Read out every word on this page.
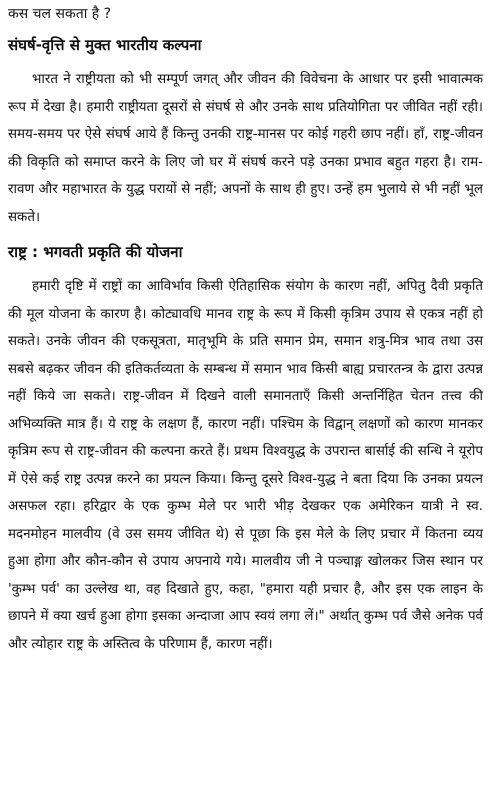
कस चल सकता है ?
संघर्ष-वृत्ति से मुक्त भारतीय कल्पना

भारत ने राष्ट्रीयता को भी सम्पूर्ण जगत् और जीवन की विवेचना के आधार पर इसी भावात्मक रूप में देखा है। हमारी राष्ट्रीयता दूसरों से संघर्ष से और उनके साथ प्रतियोगिता पर जीवित नहीं रही। समय-समय पर ऐसे संघर्ष आये हैं किन्तु उनकी राष्ट्र-मानस पर कोई गहरी छाप नहीं। हाँ, राष्ट्र-जीवन की विकृति को समाप्त करने के लिए जो घर में संघर्ष करने पड़े उनका प्रभाव बहुत गहरा है। राम-रावण और महाभारत के युद्ध परायों से नहीं; अपनों के साथ ही हुए। उन्हें हम भुलाये से भी नहीं भूल सकते।

राष्ट्र : भगवती प्रकृति की योजना

हमारी दृष्टि में राष्ट्रों का आविर्भाव किसी ऐतिहासिक संयोग के कारण नहीं, अपितु दैवी प्रकृति की मूल योजना के कारण है। कोट्यावधि मानव राष्ट्र के रूप में किसी कृत्रिम उपाय से एकत्र नहीं हो सकते। उनके जीवन की एकसूत्रता, मातृभूमि के प्रति समान प्रेम, समान शत्रु-मित्र भाव तथा उस सबसे बढ़कर जीवन की इतिकर्तव्यता के सम्बन्ध में समान भाव किसी बाह्य प्रचारतन्त्र के द्वारा उत्पन्न नहीं किये जा सकते। राष्ट्र-जीवन में दिखने वाली समानताएँ किसी अन्तर्निहित चेतन तत्त्व की अभिव्यक्ति मात्र हैं। ये राष्ट्र के लक्षण हैं, कारण नहीं। पश्चिम के विद्वान् लक्षणों को कारण मानकर कृत्रिम रूप से राष्ट्र-जीवन की कल्पना करते हैं। प्रथम विश्वयुद्ध के उपरान्त बार्साई की सन्धि ने यूरोप में ऐसे कई राष्ट्र उत्पन्न करने का प्रयत्न किया। किन्तु दूसरे विश्व-युद्ध ने बता दिया कि उनका प्रयत्न असफल रहा। हरिद्वार के एक कुम्भ मेले पर भारी भीड़ देखकर एक अमेरिकन यात्री ने स्व. मदनमोहन मालवीय (वे उस समय जीवित थे) से पूछा कि इस मेले के लिए प्रचार में कितना व्यय हुआ होगा और कौन-कौन से उपाय अपनाये गये। मालवीय जी ने पञ्चाङ्ग खोलकर जिस स्थान पर 'कुम्भ पर्व' का उल्लेख था, वह दिखाते हुए, कहा, "हमारा यही प्रचार है, और इस एक लाइन के छापने में क्या खर्च हुआ होगा इसका अन्दाजा आप स्वयं लगा लें।" अर्थात् कुम्भ पर्व जैसे अनेक पर्व और त्योहार राष्ट्र के अस्तित्व के परिणाम हैं, कारण नहीं।
